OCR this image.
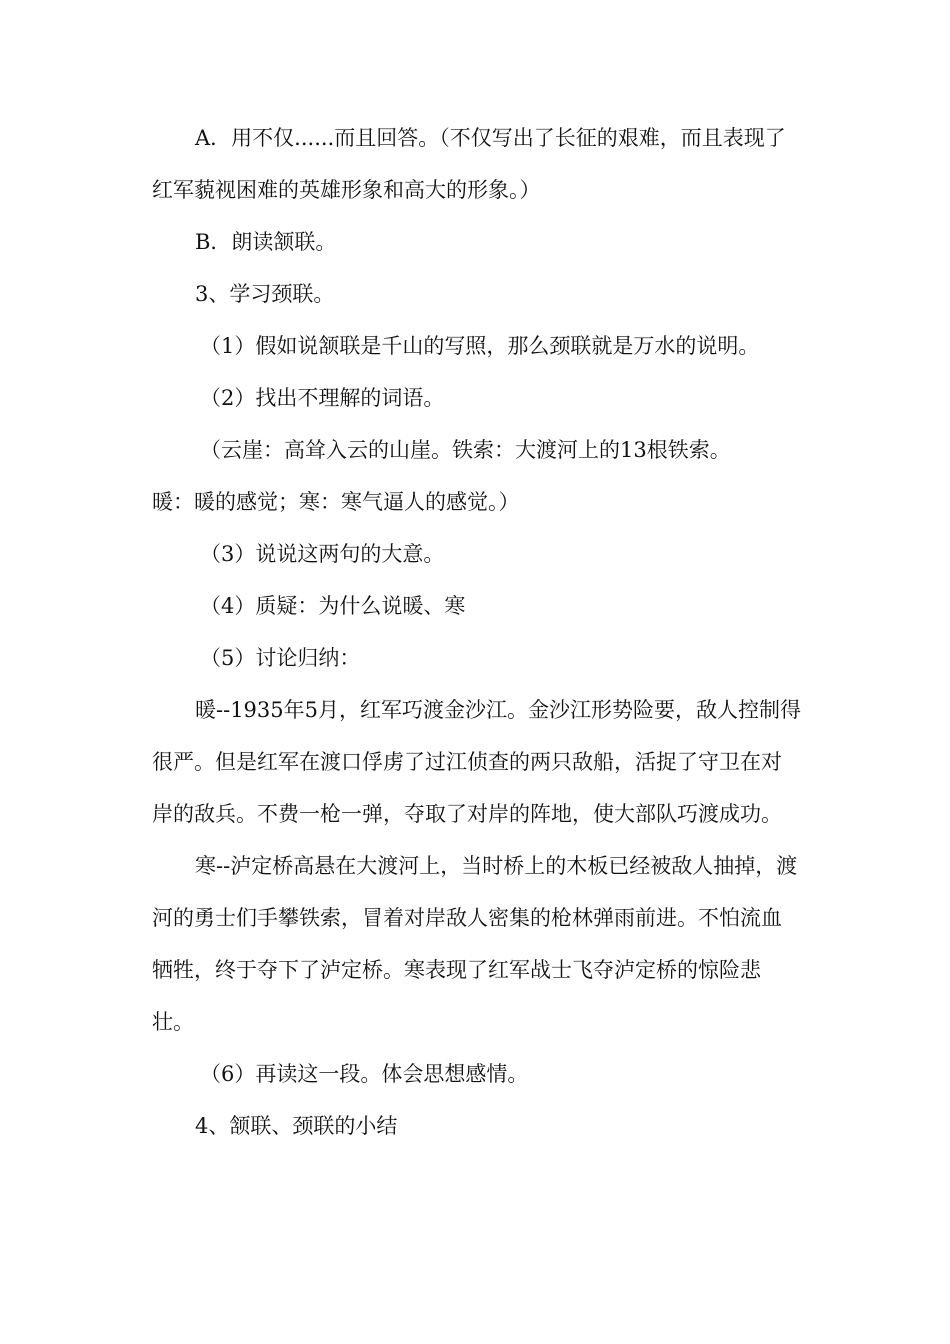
A．用不仅......而且回答。（不仅写出了长征的艰难，而且表现了红军藐视困难的英雄形象和高大的形象。）

B．朗读颔联。

3、学习颈联。

（1）假如说颔联是千山的写照，那么颈联就是万水的说明。

（2）找出不理解的词语。

（云崖：高耸入云的山崖。铁索：大渡河上的13根铁索。

暖：暖的感觉；寒：寒气逼人的感觉。）

（3）说说这两句的大意。

（4）质疑：为什么说暖、寒

（5）讨论归纳：

暖--1935年5月，红军巧渡金沙江。金沙江形势险要，敌人控制得很严。但是红军在渡口俘虏了过江侦查的两只敌船，活捉了守卫在对岸的敌兵。不费一枪一弹，夺取了对岸的阵地，使大部队巧渡成功。

寒--泸定桥高悬在大渡河上，当时桥上的木板已经被敌人抽掉，渡河的勇士们手攀铁索，冒着对岸敌人密集的枪林弹雨前进。不怕流血牺牲，终于夺下了泸定桥。寒表现了红军战士飞夺泸定桥的惊险悲壮。

（6）再读这一段。体会思想感情。

4、颔联、颈联的小结
